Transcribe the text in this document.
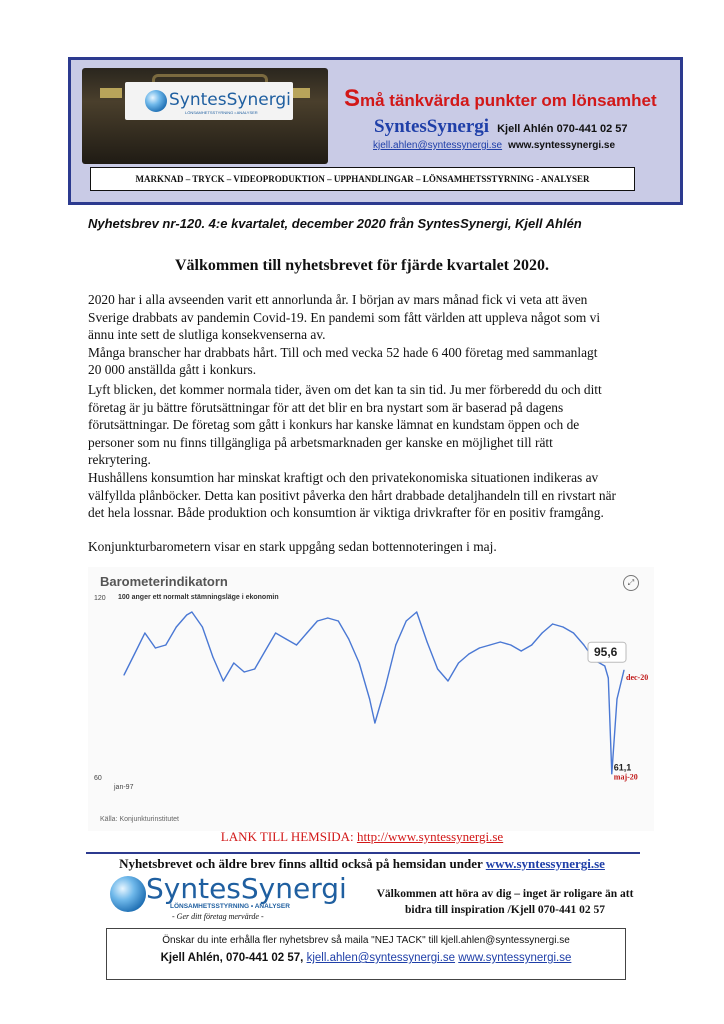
SyntesSynergi
LÖNSAMHETSSTYRNING • ANALYSER
Små tänkvärda punkter om lönsamhet
SyntesSynergi Kjell Ahlén 070-441 02 57
kjell.ahlen@syntessynergi.se www.syntessynergi.se
MARKNAD – TRYCK – VIDEOPRODUKTION – UPPHANDLINGAR – LÖNSAMHETSSTYRNING - ANALYSER
Nyhetsbrev nr-120. 4:e kvartalet, december 2020 från SyntesSynergi, Kjell Ahlén
Välkommen till nyhetsbrevet för fjärde kvartalet 2020.
2020 har i alla avseenden varit ett annorlunda år. I början av mars månad fick vi veta att även
Sverige drabbats av pandemin Covid-19. En pandemi som fått världen att uppleva något som vi
ännu inte sett de slutliga konsekvenserna av.
Många branscher har drabbats hårt. Till och med vecka 52 hade 6 400 företag med sammanlagt
20 000 anställda gått i konkurs.
Lyft blicken, det kommer normala tider, även om det kan ta sin tid. Ju mer förberedd du och ditt
företag är ju bättre förutsättningar för att det blir en bra nystart som är baserad på dagens
förutsättningar. De företag som gått i konkurs har kanske lämnat en kundstam öppen och de
personer som nu finns tillgängliga på arbetsmarknaden ger kanske en möjlighet till rätt
rekrytering.
Hushållens konsumtion har minskat kraftigt och den privatekonomiska situationen indikeras av
välfyllda plånböcker. Detta kan positivt påverka den hårt drabbade detaljhandeln till en rivstart när
det hela lossnar. Både produktion och konsumtion är viktiga drivkrafter för en positiv framgång.
Konjunkturbarometern visar en stark uppgång sedan bottennoteringen i maj.
Barometerindikatorn
100 anger ett normalt stämningsläge i ekonomin
⤢
120
60
jan-97
95,6
dec-20
61,1
maj-20
Källa: Konjunkturinstitutet
LANK TILL HEMSIDA: http://www.syntessynergi.se
Nyhetsbrevet och äldre brev finns alltid också på hemsidan under www.syntessynergi.se
SyntesSynergi
LÖNSAMHETSSTYRNING • ANALYSER
- Ger ditt företag mervärde -
Välkommen att höra av dig – inget är roligare än att
bidra till inspiration /Kjell 070-441 02 57
Önskar du inte erhålla fler nyhetsbrev så maila "NEJ TACK" till kjell.ahlen@syntessynergi.se
Kjell Ahlén, 070-441 02 57, kjell.ahlen@syntessynergi.se www.syntessynergi.se
